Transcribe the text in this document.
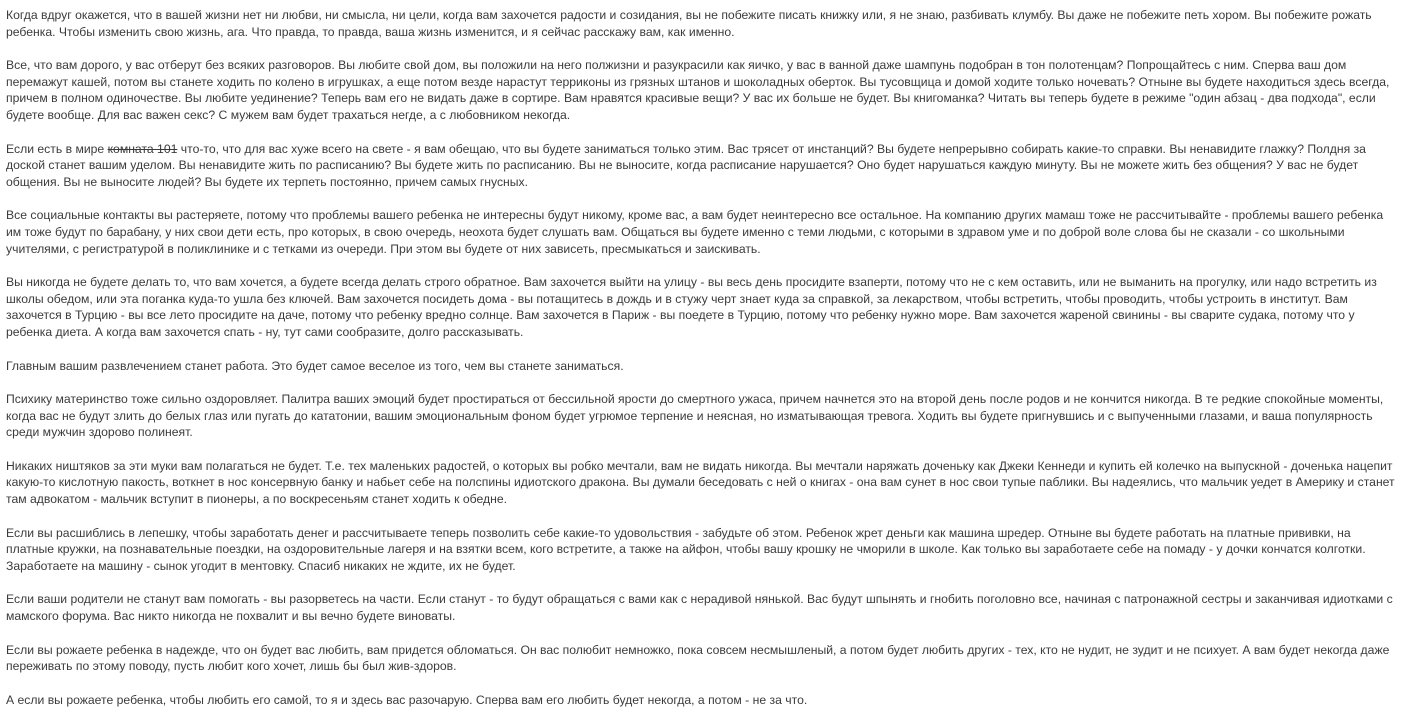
Когда вдруг окажется, что в вашей жизни нет ни любви, ни смысла, ни цели, когда вам захочется радости и созидания, вы не побежите писать книжку или, я не знаю, разбивать клумбу. Вы даже не побежите петь хором. Вы побежите рожать ребенка. Чтобы изменить свою жизнь, ага. Что правда, то правда, ваша жизнь изменится, и я сейчас расскажу вам, как именно.

Все, что вам дорого, у вас отберут без всяких разговоров. Вы любите свой дом, вы положили на него полжизни и разукрасили как яичко, у вас в ванной даже шампунь подобран в тон полотенцам? Попрощайтесь с ним. Сперва ваш дом перемажут кашей, потом вы станете ходить по колено в игрушках, а еще потом везде нарастут терриконы из грязных штанов и шоколадных оберток. Вы тусовщица и домой ходите только ночевать? Отныне вы будете находиться здесь всегда, причем в полном одиночестве. Вы любите уединение? Теперь вам его не видать даже в сортире. Вам нравятся красивые вещи? У вас их больше не будет. Вы книгоманка? Читать вы теперь будете в режиме "один абзац - два подхода", если будете вообще. Для вас важен секс? С мужем вам будет трахаться негде, а с любовником некогда.

Если есть в мире комната 101 что-то, что для вас хуже всего на свете - я вам обещаю, что вы будете заниматься только этим. Вас трясет от инстанций? Вы будете непрерывно собирать какие-то справки. Вы ненавидите глажку? Полдня за доской станет вашим уделом. Вы ненавидите жить по расписанию? Вы будете жить по расписанию. Вы не выносите, когда расписание нарушается? Оно будет нарушаться каждую минуту. Вы не можете жить без общения? У вас не будет общения. Вы не выносите людей? Вы будете их терпеть постоянно, причем самых гнусных.

Все социальные контакты вы растеряете, потому что проблемы вашего ребенка не интересны будут никому, кроме вас, а вам будет неинтересно все остальное. На компанию других мамаш тоже не рассчитывайте - проблемы вашего ребенка им тоже будут по барабану, у них свои дети есть, про которых, в свою очередь, неохота будет слушать вам. Общаться вы будете именно с теми людьми, с которыми в здравом уме и по доброй воле слова бы не сказали - со школьными учителями, с регистратурой в поликлинике и с тетками из очереди. При этом вы будете от них зависеть, пресмыкаться и заискивать.

Вы никогда не будете делать то, что вам хочется, а будете всегда делать строго обратное. Вам захочется выйти на улицу - вы весь день просидите взаперти, потому что не с кем оставить, или не выманить на прогулку, или надо встретить из школы обедом, или эта поганка куда-то ушла без ключей. Вам захочется посидеть дома - вы потащитесь в дождь и в стужу черт знает куда за справкой, за лекарством, чтобы встретить, чтобы проводить, чтобы устроить в институт. Вам захочется в Турцию - вы все лето просидите на даче, потому что ребенку вредно солнце. Вам захочется в Париж - вы поедете в Турцию, потому что ребенку нужно море. Вам захочется жареной свинины - вы сварите судака, потому что у ребенка диета. А когда вам захочется спать - ну, тут сами сообразите, долго рассказывать.

Главным вашим развлечением станет работа. Это будет самое веселое из того, чем вы станете заниматься.

Психику материнство тоже сильно оздоровляет. Палитра ваших эмоций будет простираться от бессильной ярости до смертного ужаса, причем начнется это на второй день после родов и не кончится никогда. В те редкие спокойные моменты, когда вас не будут злить до белых глаз или пугать до кататонии, вашим эмоциональным фоном будет угрюмое терпение и неясная, но изматывающая тревога. Ходить вы будете пригнувшись и с выпученными глазами, и ваша популярность среди мужчин здорово полинеят.

Никаких ништяков за эти муки вам полагаться не будет. Т.е. тех маленьких радостей, о которых вы робко мечтали, вам не видать никогда. Вы мечтали наряжать доченьку как Джеки Кеннеди и купить ей колечко на выпускной - доченька нацепит какую-то кислотную пакость, воткнет в нос консервную банку и набьет себе на полспины идиотского дракона. Вы думали беседовать с ней о книгах - она вам сунет в нос свои тупые паблики. Вы надеялись, что мальчик уедет в Америку и станет там адвокатом - мальчик вступит в пионеры, а по воскресеньям станет ходить к обедне.

Если вы расшиблись в лепешку, чтобы заработать денег и рассчитываете теперь позволить себе какие-то удовольствия - забудьте об этом. Ребенок жрет деньги как машина шредер. Отныне вы будете работать на платные прививки, на платные кружки, на познавательные поездки, на оздоровительные лагеря и на взятки всем, кого встретите, а также на айфон, чтобы вашу крошку не чморили в школе. Как только вы заработаете себе на помаду - у дочки кончатся колготки. Заработаете на машину - сынок угодит в ментовку. Спасиб никаких не ждите, их не будет.

Если ваши родители не станут вам помогать - вы разорветесь на части. Если станут - то будут обращаться с вами как с нерадивой нянькой. Вас будут шпынять и гнобить поголовно все, начиная с патронажной сестры и заканчивая идиотками с мамского форума. Вас никто никогда не похвалит и вы вечно будете виноваты.

Если вы рожаете ребенка в надежде, что он будет вас любить, вам придется обломаться. Он вас полюбит немножко, пока совсем несмышленый, а потом будет любить других - тех, кто не нудит, не зудит и не психует. А вам будет некогда даже переживать по этому поводу, пусть любит кого хочет, лишь бы был жив-здоров.

А если вы рожаете ребенка, чтобы любить его самой, то я и здесь вас разочарую. Сперва вам его любить будет некогда, а потом - не за что.
